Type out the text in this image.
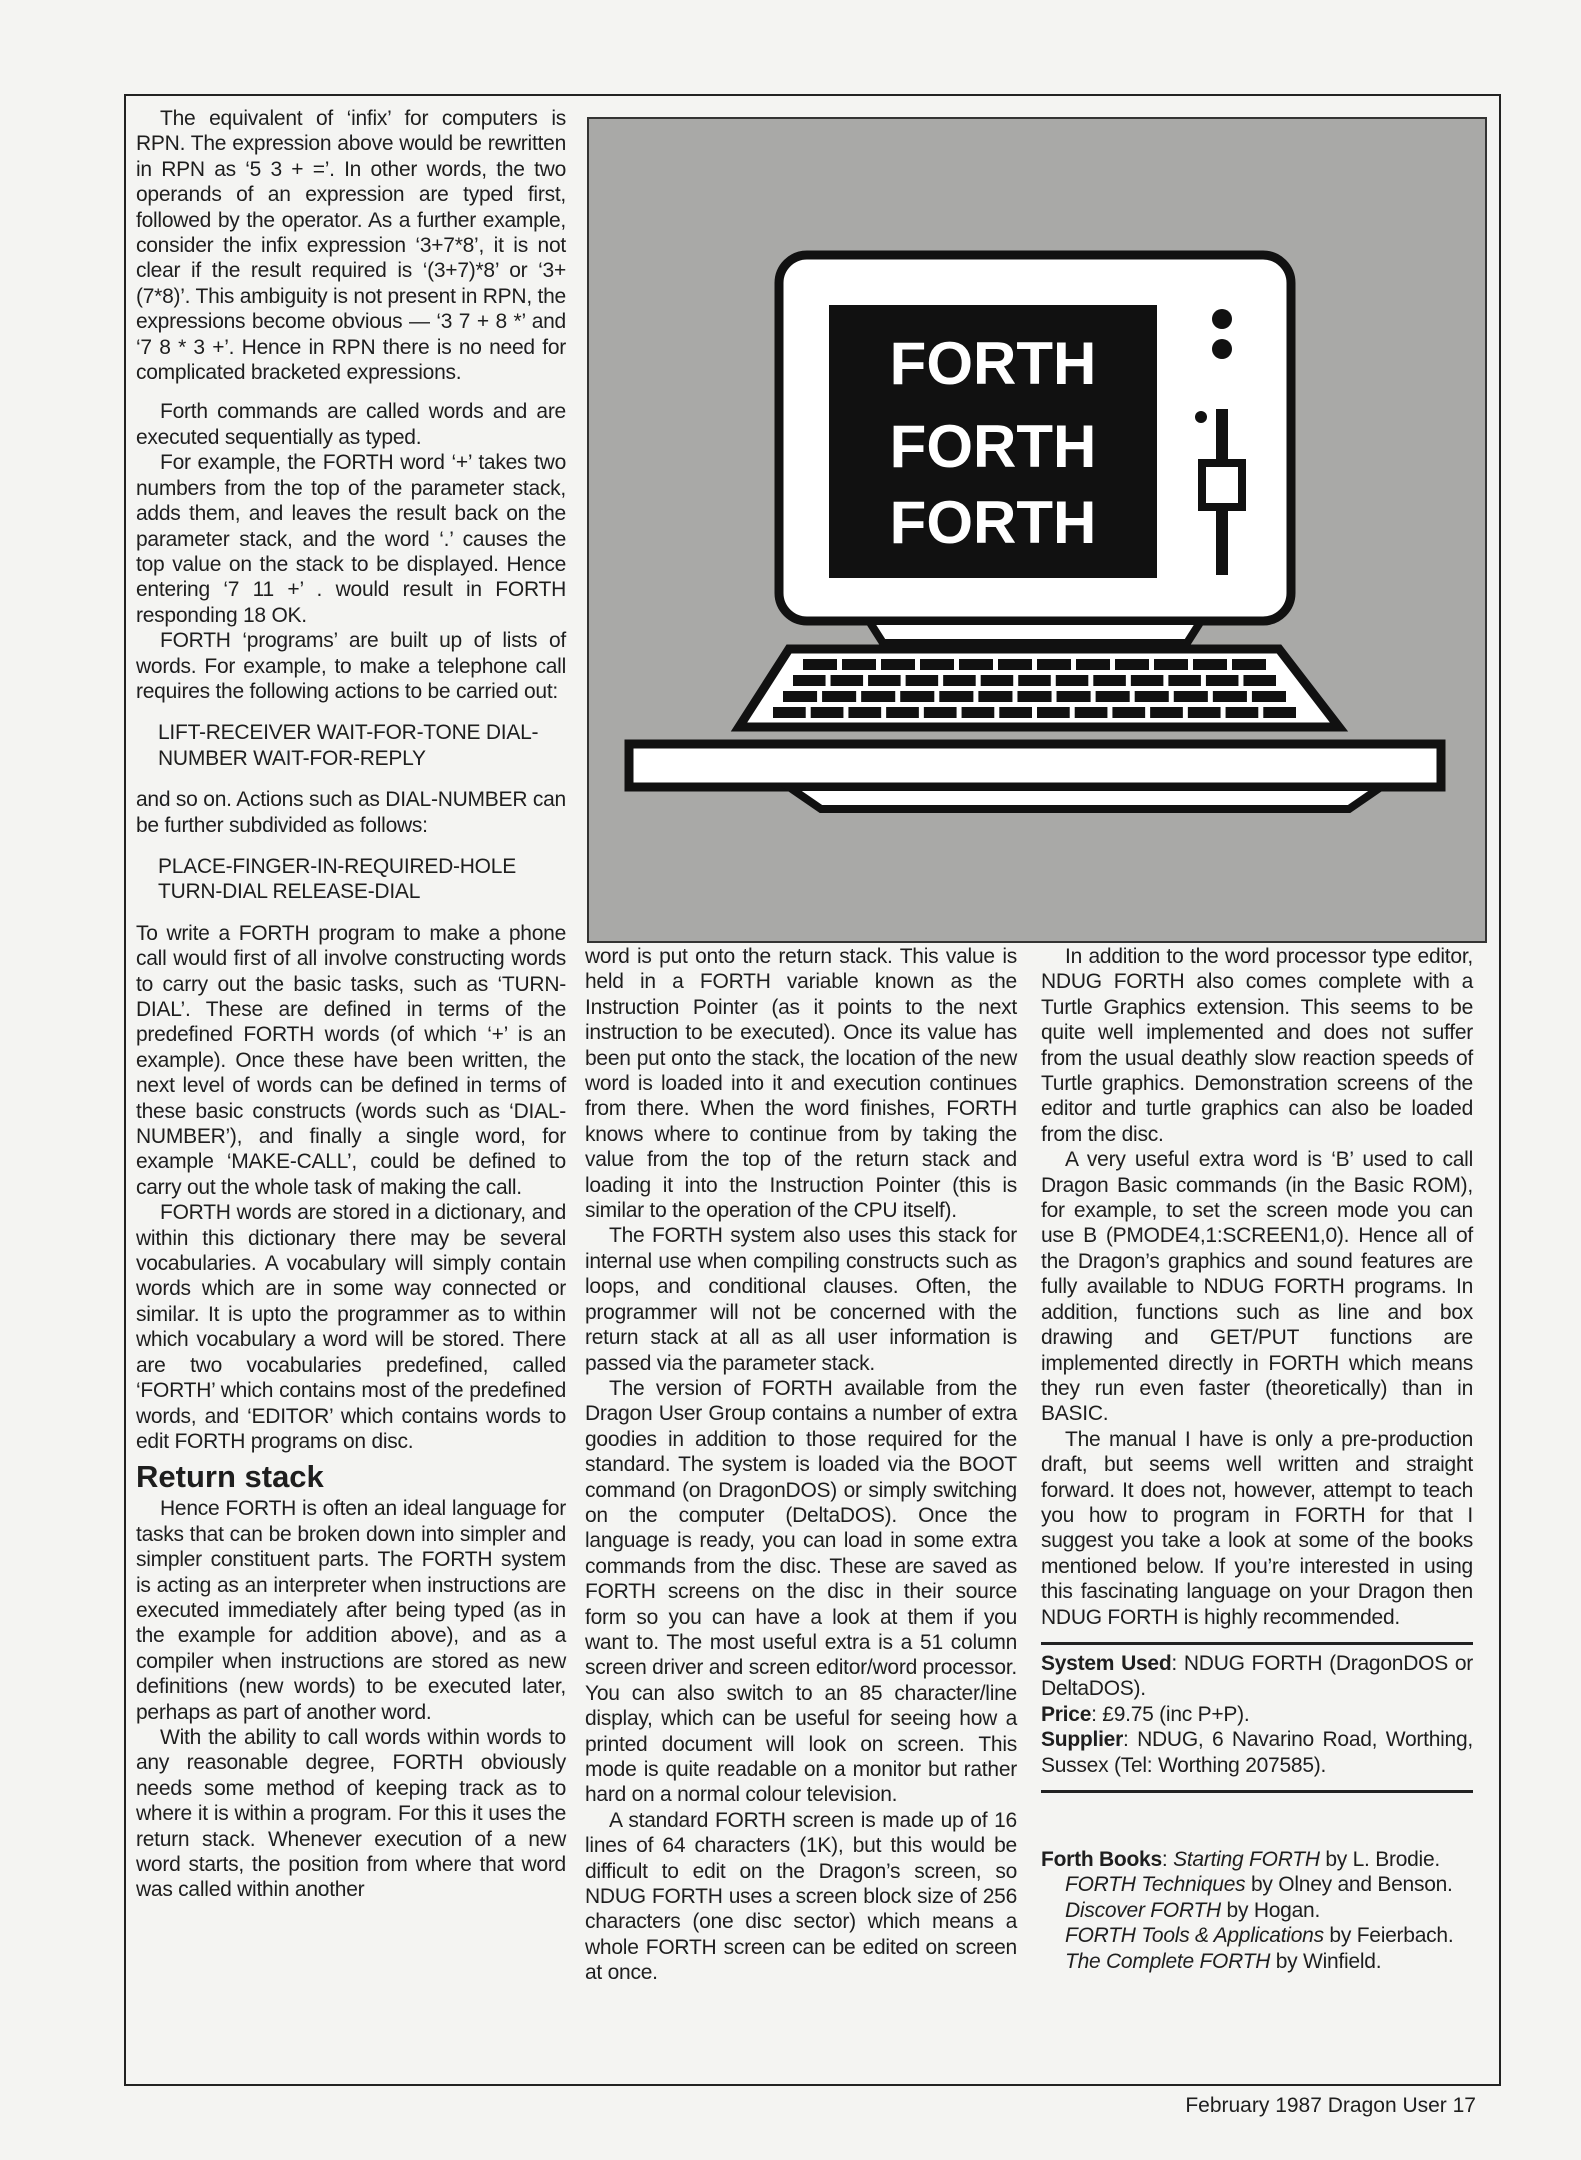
FORTH
FORTH
FORTH

The equivalent of ‘infix’ for computers is RPN. The expression above would be rewritten in RPN as ‘5 3 + =’. In other words, the two operands of an expression are typed first, followed by the operator. As a further example, consider the infix expression ‘3+7*8’, it is not clear if the result required is ‘(3+7)*8’ or ‘3+(7*8)’. This ambiguity is not present in RPN, the expressions become obvious — ‘3 7 + 8 *’ and ‘7 8 * 3 +’. Hence in RPN there is no need for complicated bracketed expressions.

Forth commands are called words and are executed sequentially as typed.

For example, the FORTH word ‘+’ takes two numbers from the top of the parameter stack, adds them, and leaves the result back on the parameter stack, and the word ‘.’ causes the top value on the stack to be displayed. Hence entering ‘7 11 +’ . would result in FORTH responding 18 OK.

FORTH ‘programs’ are built up of lists of words. For example, to make a telephone call requires the following actions to be carried out:

LIFT-RECEIVER WAIT-FOR-TONE DIAL-NUMBER WAIT-FOR-REPLY

and so on. Actions such as DIAL-NUMBER can be further subdivided as follows:

PLACE-FINGER-IN-REQUIRED-HOLE TURN-DIAL RELEASE-DIAL

To write a FORTH program to make a phone call would first of all involve constructing words to carry out the basic tasks, such as ‘TURN-DIAL’. These are defined in terms of the predefined FORTH words (of which ‘+’ is an example). Once these have been written, the next level of words can be defined in terms of these basic constructs (words such as ‘DIAL-NUMBER’), and finally a single word, for example ‘MAKE-CALL’, could be defined to carry out the whole task of making the call.

FORTH words are stored in a dictionary, and within this dictionary there may be several vocabularies. A vocabulary will simply contain words which are in some way connected or similar. It is upto the programmer as to within which vocabulary a word will be stored. There are two vocabularies predefined, called ‘FORTH’ which contains most of the predefined words, and ‘EDITOR’ which contains words to edit FORTH programs on disc.

Return stack

Hence FORTH is often an ideal language for tasks that can be broken down into simpler and simpler constituent parts. The FORTH system is acting as an interpreter when instructions are executed immediately after being typed (as in the example for addition above), and as a compiler when instructions are stored as new definitions (new words) to be executed later, perhaps as part of another word.

With the ability to call words within words to any reasonable degree, FORTH obviously needs some method of keeping track as to where it is within a program. For this it uses the return stack. Whenever execution of a new word starts, the position from where that word was called within another

word is put onto the return stack. This value is held in a FORTH variable known as the Instruction Pointer (as it points to the next instruction to be executed). Once its value has been put onto the stack, the location of the new word is loaded into it and execution continues from there. When the word finishes, FORTH knows where to continue from by taking the value from the top of the return stack and loading it into the Instruction Pointer (this is similar to the operation of the CPU itself).

The FORTH system also uses this stack for internal use when compiling constructs such as loops, and conditional clauses. Often, the programmer will not be concerned with the return stack at all as all user information is passed via the parameter stack.

The version of FORTH available from the Dragon User Group contains a number of extra goodies in addition to those required for the standard. The system is loaded via the BOOT command (on DragonDOS) or simply switching on the computer (DeltaDOS). Once the language is ready, you can load in some extra commands from the disc. These are saved as FORTH screens on the disc in their source form so you can have a look at them if you want to. The most useful extra is a 51 column screen driver and screen editor/word processor. You can also switch to an 85 character/line display, which can be useful for seeing how a printed document will look on screen. This mode is quite readable on a monitor but rather hard on a normal colour television.

A standard FORTH screen is made up of 16 lines of 64 characters (1K), but this would be difficult to edit on the Dragon’s screen, so NDUG FORTH uses a screen block size of 256 characters (one disc sector) which means a whole FORTH screen can be edited on screen at once.

In addition to the word processor type editor, NDUG FORTH also comes complete with a Turtle Graphics extension. This seems to be quite well implemented and does not suffer from the usual deathly slow reaction speeds of Turtle graphics. Demonstration screens of the editor and turtle graphics can also be loaded from the disc.

A very useful extra word is ‘B’ used to call Dragon Basic commands (in the Basic ROM), for example, to set the screen mode you can use B (PMODE4,1:SCREEN1,0). Hence all of the Dragon’s graphics and sound features are fully available to NDUG FORTH programs. In addition, functions such as line and box drawing and GET/PUT functions are implemented directly in FORTH which means they run even faster (theoretically) than in BASIC.

The manual I have is only a pre-production draft, but seems well written and straight forward. It does not, however, attempt to teach you how to program in FORTH for that I suggest you take a look at some of the books mentioned below. If you’re interested in using this fascinating language on your Dragon then NDUG FORTH is highly recommended.

System Used: NDUG FORTH (DragonDOS or DeltaDOS).

Price: £9.75 (inc P+P).

Supplier: NDUG, 6 Navarino Road, Worthing, Sussex (Tel: Worthing 207585).

Forth Books: Starting FORTH by L. Brodie.

FORTH Techniques by Olney and Benson.

Discover FORTH by Hogan.

FORTH Tools & Applications by Feierbach.

The Complete FORTH by Winfield.

February 1987 Dragon User 17
